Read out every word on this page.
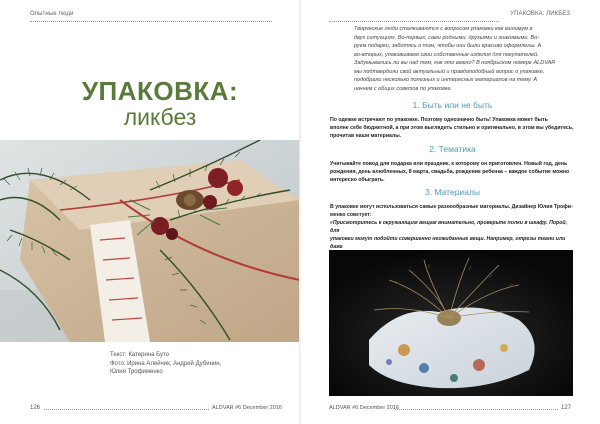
Опытные люди
УПАКОВКА:
ликбез
Текст: Катерина Буто
Фото: Ирина Алейчик, Андрей Дубинин,
Юлия Трофименко
126	ALDVAR #6 December 2016
УПАКОВКА: ЛИКБЕЗ
Творческие люди сталкиваются с вопросом упаковки как минимум в
двух ситуациях. Во-первых, сами родными, друзьями и знакомыми. Во-
руем подарки, заботясь о том, чтобы они были красиво оформлены. А
во-вторых, упаковываем свои собственные изделия для покупателей.
Задумывались ли вы над тем, как это важно? В ноябрьском номере ALDVAR
мы подтвердили свой актуальный и правдоподобный вопрос о упаковке,
подобрали несколько полезных и интересных материалов на тему. А
начнем с общих советов по упаковке.
1. Быть или не быть
По одежке встречают по упаковке. Поэтому однозначно быть! Упаковка может быть
вполне себе бюджетной, а при этом выглядеть стильно и оригинально, в этом вы убедитесь,
прочитав наши материалы.
2. Тематика
Учитывайте повод для подарка или праздник, к которому он приготовлен. Новый год, день
рождения, день влюбленных, 8 марта, свадьба, рождение ребенка – каждое событие можно
интересно обыграть.
3. Материалы
В упаковке могут использоваться самые разнообразные материалы. Дизайнер Юлия Трофи-
менко советует:
«Присмотритесь к окружающим вещам внимательно, проверьте полки в шкафу. Порой, для
упаковки могут подойти совершенно неожиданные вещи. Например, отрезы ткани или даже
ALDVAR #6 December 2016	127
